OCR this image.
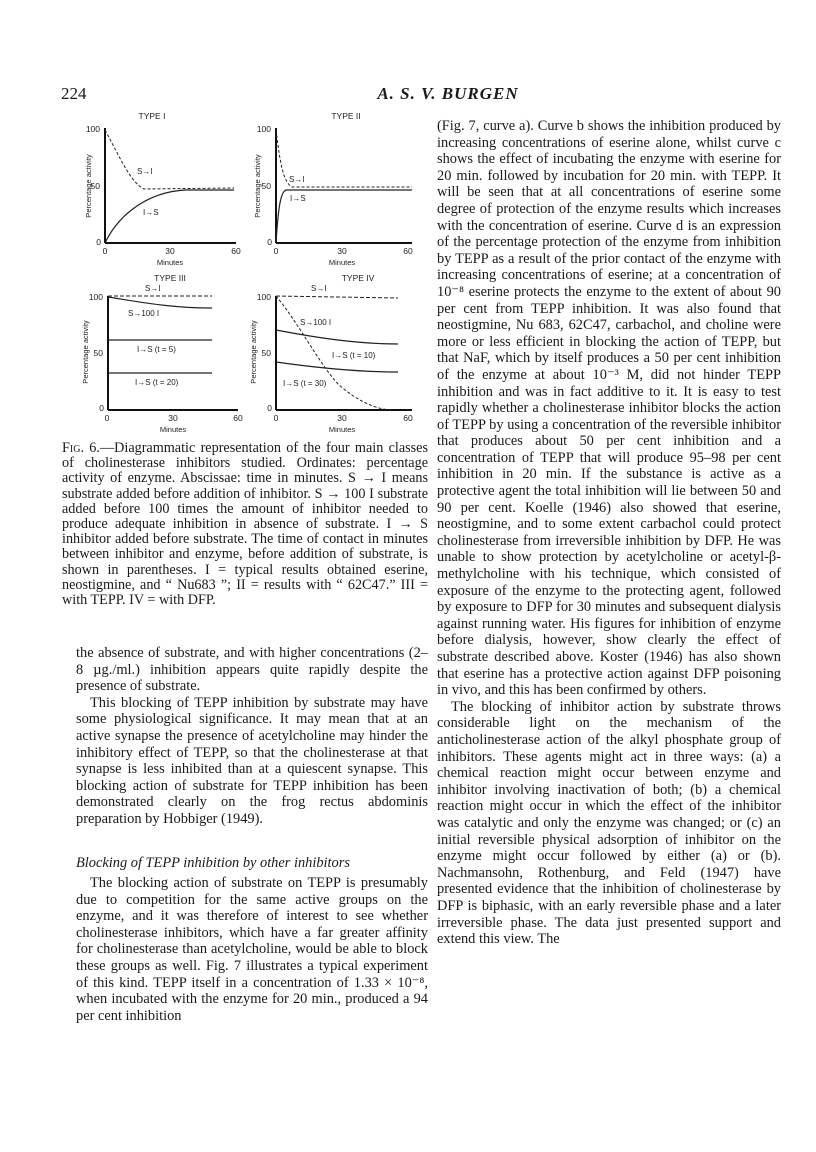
224	A. S. V. BURGEN
TYPE I
100
50
0
0	30	60
Minutes
Percentage activity	S→I
I→S
TYPE II
100
50
0
0	30	60
Minutes
Percentage activity	S→I
I→S
TYPE III
100
50
0
0	30	60
Minutes
Percentage activity
S→I
S→100 I
I→S (t = 5)
I→S (t = 20)
TYPE IV
100
50
0
0	30	60
Minutes
Percentage activity
S→I
S→100 I
I→S (t = 10)
I→S (t = 30)
Fig. 6.—Diagrammatic representation of the four main classes of cholinesterase inhibitors studied. Ordinates: percentage activity of enzyme. Abscissae: time in minutes. S → I means substrate added before addition of inhibitor. S → 100 I substrate added before 100 times the amount of inhibitor needed to produce adequate inhibition in absence of substrate. I → S inhibitor added before substrate. The time of contact in minutes between inhibitor and enzyme, before addition of substrate, is shown in parentheses. I = typical results obtained eserine, neostigmine, and “ Nu683 ”; II = results with “ 62C47.” III = with TEPP. IV = with DFP.

the absence of substrate, and with higher concentrations (2–8 µg./ml.) inhibition appears quite rapidly despite the presence of substrate.

This blocking of TEPP inhibition by substrate may have some physiological significance. It may mean that at an active synapse the presence of acetylcholine may hinder the inhibitory effect of TEPP, so that the cholinesterase at that synapse is less inhibited than at a quiescent synapse. This blocking action of substrate for TEPP inhibition has been demonstrated clearly on the frog rectus abdominis preparation by Hobbiger (1949).

Blocking of TEPP inhibition by other inhibitors

The blocking action of substrate on TEPP is presumably due to competition for the same active groups on the enzyme, and it was therefore of interest to see whether cholinesterase inhibitors, which have a far greater affinity for cholinesterase than acetylcholine, would be able to block these groups as well. Fig. 7 illustrates a typical experiment of this kind. TEPP itself in a concentration of 1.33 × 10⁻⁸, when incubated with the enzyme for 20 min., produced a 94 per cent inhibition

(Fig. 7, curve a). Curve b shows the inhibition produced by increasing concentrations of eserine alone, whilst curve c shows the effect of incubating the enzyme with eserine for 20 min. followed by incubation for 20 min. with TEPP. It will be seen that at all concentrations of eserine some degree of protection of the enzyme results which increases with the concentration of eserine. Curve d is an expression of the percentage protection of the enzyme from inhibition by TEPP as a result of the prior contact of the enzyme with increasing concentrations of eserine; at a concentration of 10⁻⁸ eserine protects the enzyme to the extent of about 90 per cent from TEPP inhibition. It was also found that neostigmine, Nu 683, 62C47, carbachol, and choline were more or less efficient in blocking the action of TEPP, but that NaF, which by itself produces a 50 per cent inhibition of the enzyme at about 10⁻³ M, did not hinder TEPP inhibition and was in fact additive to it. It is easy to test rapidly whether a cholinesterase inhibitor blocks the action of TEPP by using a concentration of the reversible inhibitor that produces about 50 per cent inhibition and a concentration of TEPP that will produce 95–98 per cent inhibition in 20 min. If the substance is active as a protective agent the total inhibition will lie between 50 and 90 per cent. Koelle (1946) also showed that eserine, neostigmine, and to some extent carbachol could protect cholinesterase from irreversible inhibition by DFP. He was unable to show protection by acetylcholine or acetyl-β-methylcholine with his technique, which consisted of exposure of the enzyme to the protecting agent, followed by exposure to DFP for 30 minutes and subsequent dialysis against running water. His figures for inhibition of enzyme before dialysis, however, show clearly the effect of substrate described above. Koster (1946) has also shown that eserine has a protective action against DFP poisoning in vivo, and this has been confirmed by others.

The blocking of inhibitor action by substrate throws considerable light on the mechanism of the anticholinesterase action of the alkyl phosphate group of inhibitors. These agents might act in three ways: (a) a chemical reaction might occur between enzyme and inhibitor involving inactivation of both; (b) a chemical reaction might occur in which the effect of the inhibitor was catalytic and only the enzyme was changed; or (c) an initial reversible physical adsorption of inhibitor on the enzyme might occur followed by either (a) or (b). Nachmansohn, Rothenburg, and Feld (1947) have presented evidence that the inhibition of cholinesterase by DFP is biphasic, with an early reversible phase and a later irreversible phase. The data just presented support and extend this view. The
